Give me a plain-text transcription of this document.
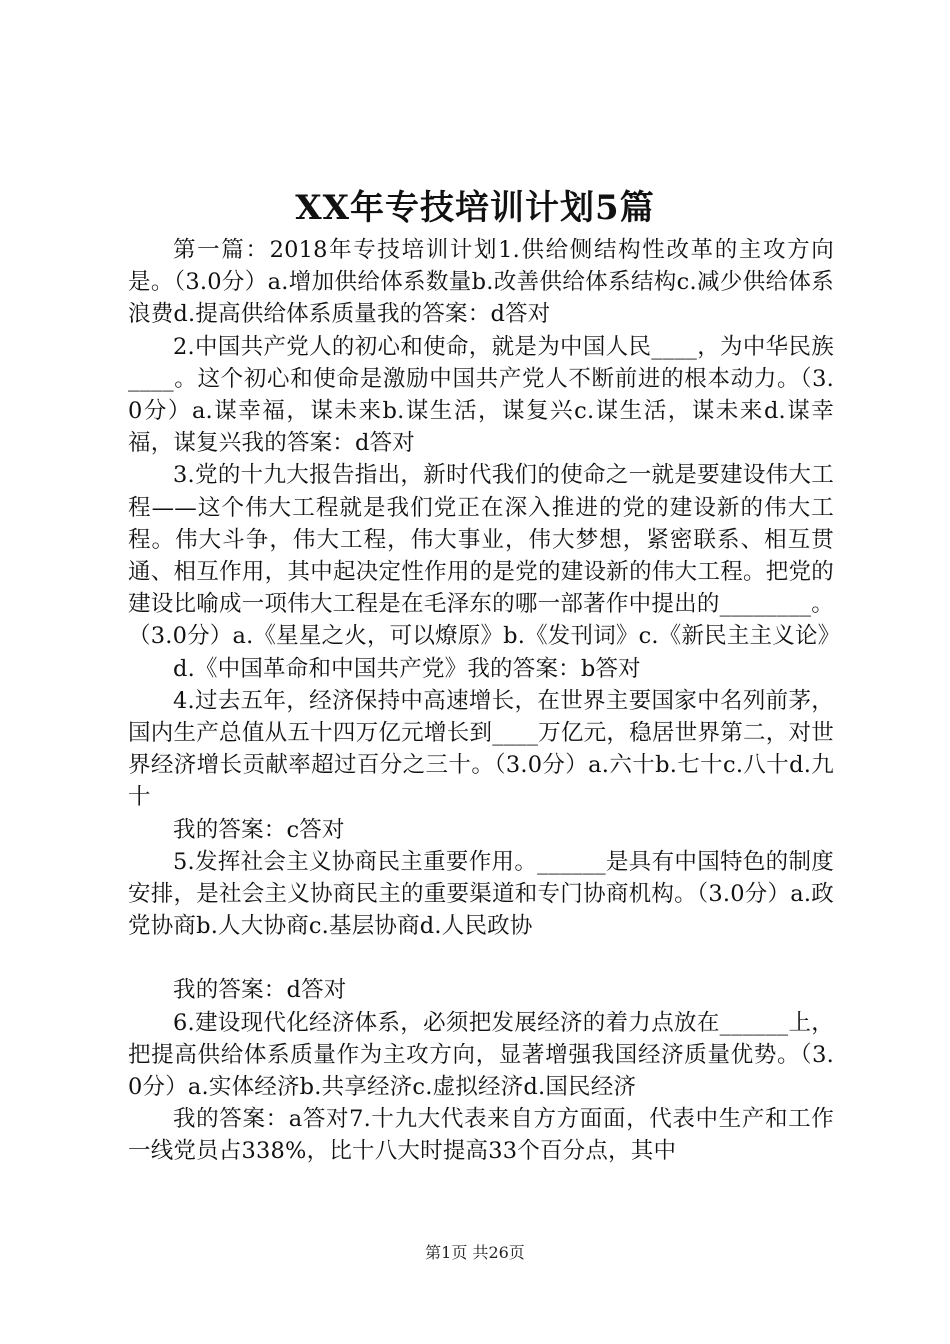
XX年专技培训计划5篇

第一篇：2018年专技培训计划1.供给侧结构性改革的主攻方向是。（3.0分）a.增加供给体系数量b.改善供给体系结构c.减少供给体系浪费d.提高供给体系质量我的答案：d答对

2.中国共产党人的初心和使命，就是为中国人民____，为中华民族____。这个初心和使命是激励中国共产党人不断前进的根本动力。（3.0分）a.谋幸福，谋未来b.谋生活，谋复兴c.谋生活，谋未来d.谋幸福，谋复兴我的答案：d答对

3.党的十九大报告指出，新时代我们的使命之一就是要建设伟大工程——这个伟大工程就是我们党正在深入推进的党的建设新的伟大工程。伟大斗争，伟大工程，伟大事业，伟大梦想，紧密联系、相互贯通、相互作用，其中起决定性作用的是党的建设新的伟大工程。把党的建设比喻成一项伟大工程是在毛泽东的哪一部著作中提出的________。（3.0分）a.《星星之火，可以燎原》b.《发刊词》c.《新民主主义论》

d.《中国革命和中国共产党》我的答案：b答对

4.过去五年，经济保持中高速增长，在世界主要国家中名列前茅，国内生产总值从五十四万亿元增长到____万亿元，稳居世界第二，对世界经济增长贡献率超过百分之三十。（3.0分）a.六十b.七十c.八十d.九十

我的答案：c答对

5.发挥社会主义协商民主重要作用。______是具有中国特色的制度安排，是社会主义协商民主的重要渠道和专门协商机构。（3.0分）a.政党协商b.人大协商c.基层协商d.人民政协

我的答案：d答对

6.建设现代化经济体系，必须把发展经济的着力点放在______上，把提高供给体系质量作为主攻方向，显著增强我国经济质量优势。（3.0分）a.实体经济b.共享经济c.虚拟经济d.国民经济

我的答案：a答对7.十九大代表来自方方面面，代表中生产和工作一线党员占338%，比十八大时提高33个百分点，其中

第1页 共26页
